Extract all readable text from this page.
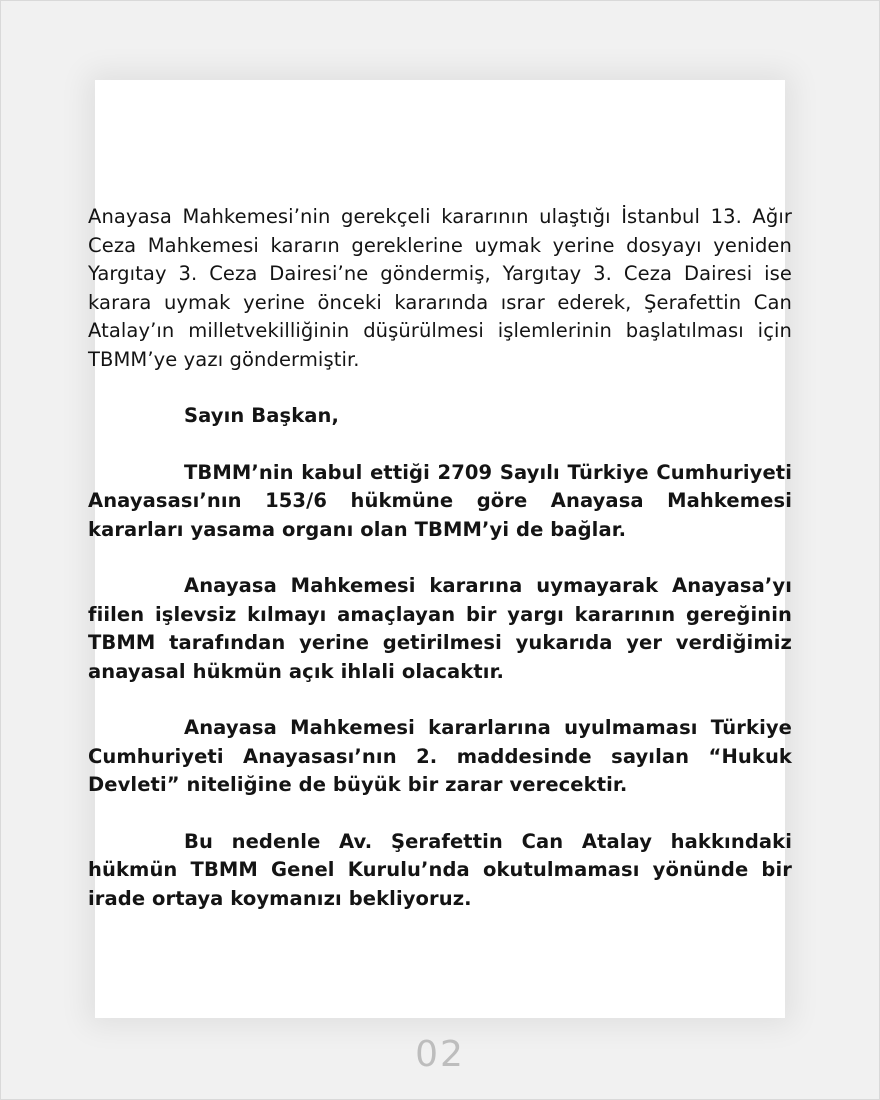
Anayasa Mahkemesi’nin gerekçeli kararının ulaştığı İstanbul 13. Ağır Ceza Mahkemesi kararın gereklerine uymak yerine dosyayı yeniden Yargıtay 3. Ceza Dairesi’ne göndermiş, Yargıtay 3. Ceza Dairesi ise karara uymak yerine önceki kararında ısrar ederek, Şerafettin Can Atalay’ın milletvekilliğinin düşürülmesi işlemlerinin başlatılması için TBMM’ye yazı göndermiştir.

Sayın Başkan,

TBMM’nin kabul ettiği 2709 Sayılı Türkiye Cumhuriyeti Anayasası’nın 153/6 hükmüne göre Anayasa Mahkemesi kararları yasama organı olan TBMM’yi de bağlar.

Anayasa Mahkemesi kararına uymayarak Anayasa’yı fiilen işlevsiz kılmayı amaçlayan bir yargı kararının gereğinin TBMM tarafından yerine getirilmesi yukarıda yer verdiğimiz anayasal hükmün açık ihlali olacaktır.

Anayasa Mahkemesi kararlarına uyulmaması Türkiye Cumhuriyeti Anayasası’nın 2. maddesinde sayılan “Hukuk Devleti” niteliğine de büyük bir zarar verecektir.

Bu nedenle Av. Şerafettin Can Atalay hakkındaki hükmün TBMM Genel Kurulu’nda okutulmaması yönünde bir irade ortaya koymanızı bekliyoruz.

02
